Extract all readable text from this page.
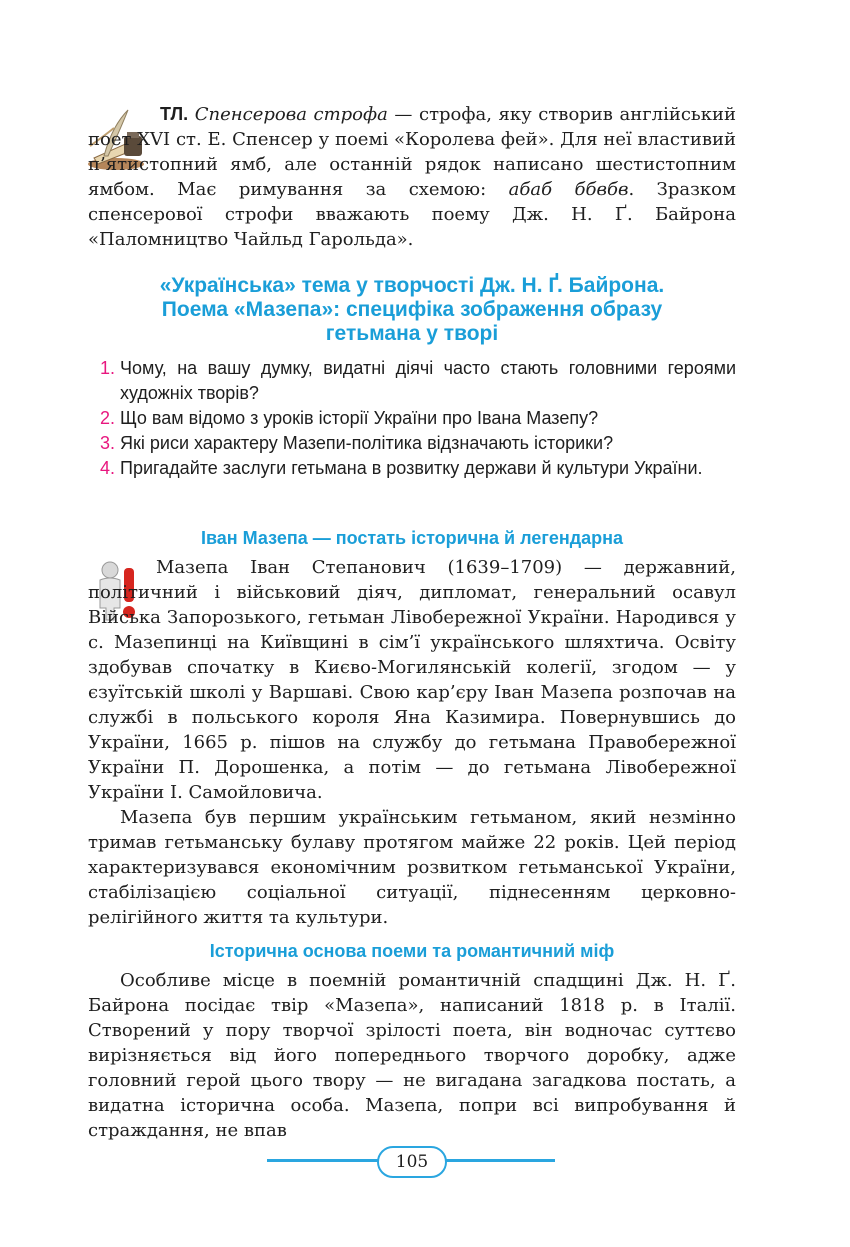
ТЛ. Спенсерова строфа — строфа, яку створив англійський поет XVI ст. Е. Спенсер у поемі «Королева фей». Для неї властивий п’ятистопний ямб, але останній рядок написано шестистопним ямбом. Має римування за схемою: абаб ббвбв. Зразком спенсерової строфи вважають поему Дж. Н. Ґ. Байрона «Паломництво Чайльд Гарольда».

«Українська» тема у творчості Дж. Н. Ґ. Байрона.
Поема «Мазепа»: специфіка зображення образу
гетьмана у творі
1. Чому, на вашу думку, видатні діячі часто стають головними героями художніх творів?
2. Що вам відомо з уроків історії України про Івана Мазепу?
3. Які риси характеру Мазепи-політика відзначають історики?
4. Пригадайте заслуги гетьмана в розвитку держави й культури України.
Іван Мазепа — постать історична й легендарна

Мазепа Іван Степанович (1639–1709) — державний, політичний і військовий діяч, дипломат, генеральний осавул Війська Запорозького, гетьман Лівобережної України. Народився у с. Мазепинці на Київщині в сім’ї українського шляхтича. Освіту здобував спочатку в Києво-Могилянській колегії, згодом — у єзуїтській школі у Варшаві. Свою кар’єру Іван Мазепа розпочав на службі в польського короля Яна Казимира. Повернувшись до України, 1665 р. пішов на службу до гетьмана Правобережної України П. Дорошенка, а потім — до гетьмана Лівобережної України І. Самойловича.

Мазепа був першим українським гетьманом, який незмінно тримав гетьманську булаву протягом майже 22 років. Цей період характеризувався економічним розвитком гетьманської України, стабілізацією соціальної ситуації, піднесенням церковно-релігійного життя та культури.

Історична основа поеми та романтичний міф

Особливе місце в поемній романтичній спадщині Дж. Н. Ґ. Байрона посідає твір «Мазепа», написаний 1818 р. в Італії. Створений у пору творчої зрілості поета, він водночас суттєво вирізняється від його попереднього творчого доробку, адже головний герой цього твору — не вигадана загадкова постать, а видатна історична особа. Мазепа, попри всі випробування й страждання, не впав

105
